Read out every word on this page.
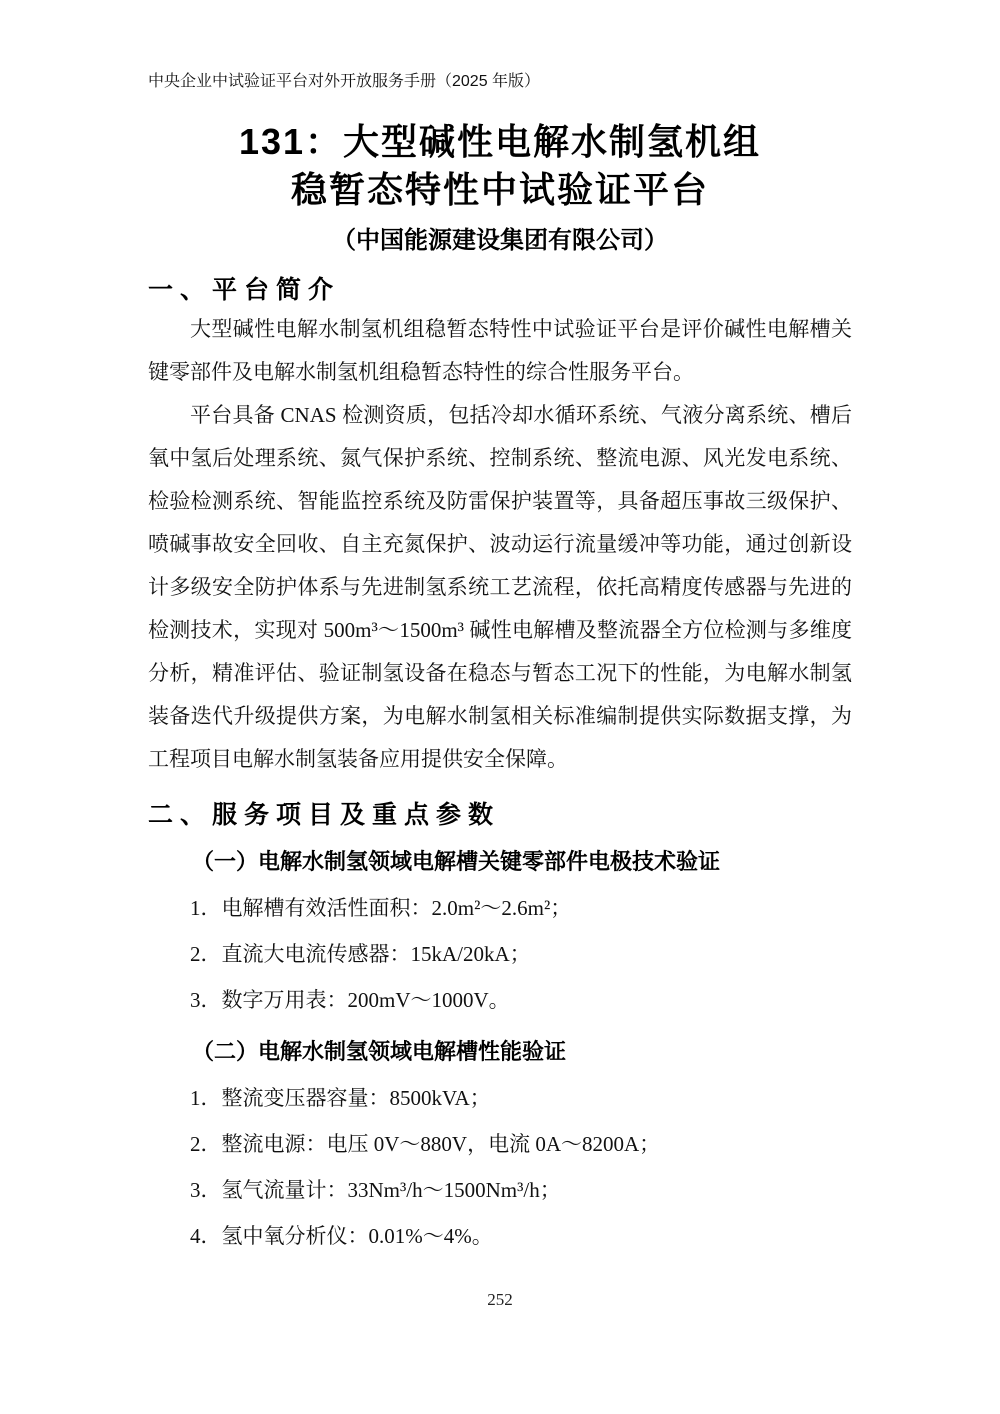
中央企业中试验证平台对外开放服务手册（2025 年版）
131：大型碱性电解水制氢机组
稳暂态特性中试验证平台
（中国能源建设集团有限公司）
一、平台简介

大型碱性电解水制氢机组稳暂态特性中试验证平台是评价碱性电解槽关键零部件及电解水制氢机组稳暂态特性的综合性服务平台。

平台具备 CNAS 检测资质，包括冷却水循环系统、气液分离系统、槽后氧中氢后处理系统、氮气保护系统、控制系统、整流电源、风光发电系统、检验检测系统、智能监控系统及防雷保护装置等，具备超压事故三级保护、喷碱事故安全回收、自主充氮保护、波动运行流量缓冲等功能，通过创新设计多级安全防护体系与先进制氢系统工艺流程，依托高精度传感器与先进的检测技术，实现对 500m³～1500m³ 碱性电解槽及整流器全方位检测与多维度分析，精准评估、验证制氢设备在稳态与暂态工况下的性能，为电解水制氢装备迭代升级提供方案，为电解水制氢相关标准编制提供实际数据支撑，为工程项目电解水制氢装备应用提供安全保障。

二、服务项目及重点参数
（一）电解水制氢领域电解槽关键零部件电极技术验证
1．电解槽有效活性面积：2.0m²～2.6m²；
2．直流大电流传感器：15kA/20kA；
3．数字万用表：200mV～1000V。
（二）电解水制氢领域电解槽性能验证
1．整流变压器容量：8500kVA；
2．整流电源：电压 0V～880V，电流 0A～8200A；
3．氢气流量计：33Nm³/h～1500Nm³/h；
4．氢中氧分析仪：0.01%～4%。
252
